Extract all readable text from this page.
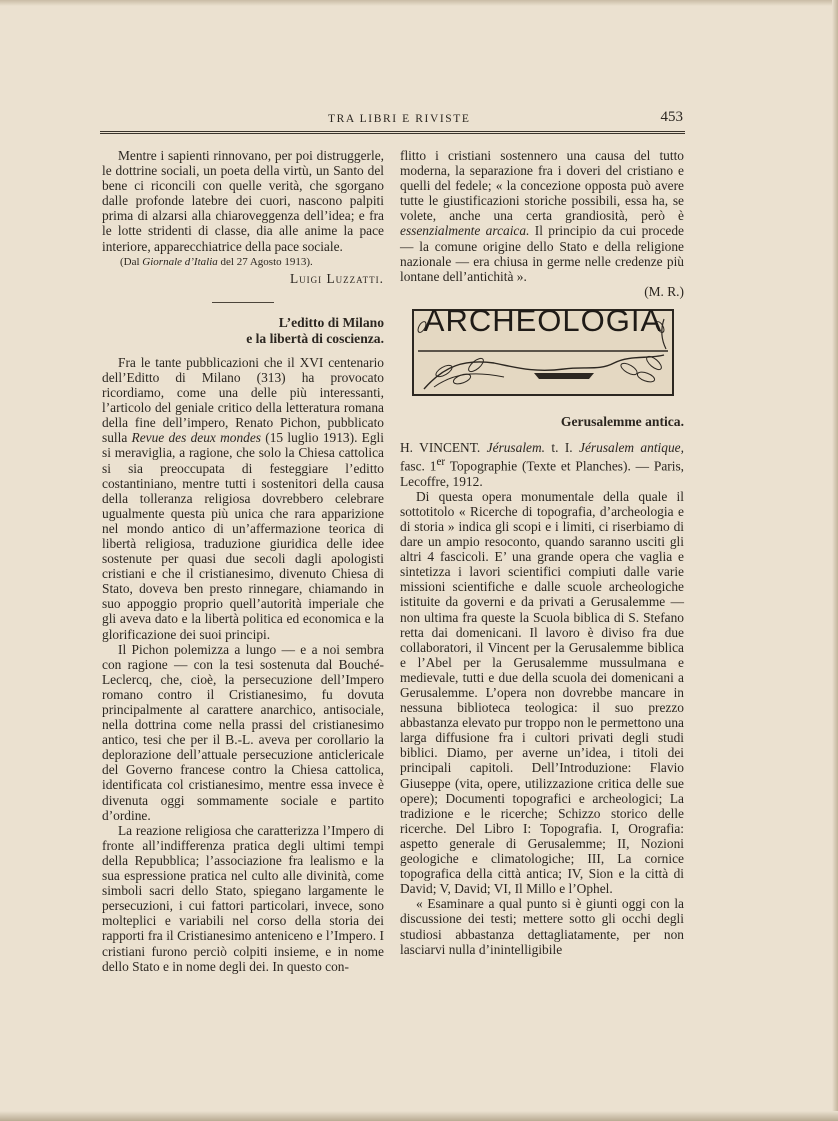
TRA LIBRI E RIVISTE	453

Mentre i sapienti rinnovano, per poi distruggerle, le dottrine sociali, un poeta della virtù, un Santo del bene ci riconcili con quelle verità, che sgorgano dalle profonde latebre dei cuori, nascono palpiti prima di alzarsi alla chiaroveggenza dell’idea; e fra le lotte stridenti di classe, dia alle anime la pace interiore, apparecchiatrice della pace sociale.

(Dal Giornale d’Italia del 27 Agosto 1913).

Luigi Luzzatti.
L’editto di Milano
e la libertà di coscienza.

Fra le tante pubblicazioni che il XVI centenario dell’Editto di Milano (313) ha provocato ricordiamo, come una delle più interessanti, l’articolo del geniale critico della letteratura romana della fine dell’impero, Renato Pichon, pubblicato sulla Revue des deux mondes (15 luglio 1913). Egli si meraviglia, a ragione, che solo la Chiesa cattolica si sia preoccupata di festeggiare l’editto costantiniano, mentre tutti i sostenitori della causa della tolleranza religiosa dovrebbero celebrare ugualmente questa più unica che rara apparizione nel mondo antico di un’affermazione teorica di libertà religiosa, traduzione giuridica delle idee sostenute per quasi due secoli dagli apologisti cristiani e che il cristianesimo, divenuto Chiesa di Stato, doveva ben presto rinnegare, chiamando in suo appoggio proprio quell’autorità imperiale che gli aveva dato e la libertà politica ed economica e la glorificazione dei suoi principi.

Il Pichon polemizza a lungo — e a noi sembra con ragione — con la tesi sostenuta dal Bouché-Leclercq, che, cioè, la persecuzione dell’Impero romano contro il Cristianesimo, fu dovuta principalmente al carattere anarchico, antisociale, nella dottrina come nella prassi del cristianesimo antico, tesi che per il B.-L. aveva per corollario la deplorazione dell’attuale persecuzione anticlericale del Governo francese contro la Chiesa cattolica, identificata col cristianesimo, mentre essa invece è divenuta oggi sommamente sociale e partito d’ordine.

La reazione religiosa che caratterizza l’Impero di fronte all’indifferenza pratica degli ultimi tempi della Repubblica; l’associazione fra lealismo e la sua espressione pratica nel culto alle divinità, come simboli sacri dello Stato, spiegano largamente le persecuzioni, i cui fattori particolari, invece, sono molteplici e variabili nel corso della storia dei rapporti fra il Cristianesimo anteniceno e l’Impero. I cristiani furono perciò colpiti insieme, e in nome dello Stato e in nome degli dei. In questo con-

flitto i cristiani sostennero una causa del tutto moderna, la separazione fra i doveri del cristiano e quelli del fedele; « la concezione opposta può avere tutte le giustificazioni storiche possibili, essa ha, se volete, anche una certa grandiosità, però è essenzialmente arcaica. Il principio da cui procede — la comune origine dello Stato e della religione nazionale — era chiusa in germe nelle credenze più lontane dell’antichità ».

(M. R.)
ARCHEOLOGIA
Gerusalemme antica.

H. VINCENT. Jérusalem. t. I. Jérusalem antique, fasc. 1er Topographie (Texte et Planches). — Paris, Lecoffre, 1912.

Di questa opera monumentale della quale il sottotitolo « Ricerche di topografia, d’archeologia e di storia » indica gli scopi e i limiti, ci riserbiamo di dare un ampio resoconto, quando saranno usciti gli altri 4 fascicoli. E’ una grande opera che vaglia e sintetizza i lavori scientifici compiuti dalle varie missioni scientifiche e dalle scuole archeologiche istituite da governi e da privati a Gerusalemme — non ultima fra queste la Scuola biblica di S. Stefano retta dai domenicani. Il lavoro è diviso fra due collaboratori, il Vincent per la Gerusalemme biblica e l’Abel per la Gerusalemme mussulmana e medievale, tutti e due della scuola dei domenicani a Gerusalemme. L’opera non dovrebbe mancare in nessuna biblioteca teologica: il suo prezzo abbastanza elevato pur troppo non le permettono una larga diffusione fra i cultori privati degli studi biblici. Diamo, per averne un’idea, i titoli dei principali capitoli. Dell’Introduzione: Flavio Giuseppe (vita, opere, utilizzazione critica delle sue opere); Documenti topografici e archeologici; La tradizione e le ricerche; Schizzo storico delle ricerche. Del Libro I: Topografia. I, Orografia: aspetto generale di Gerusalemme; II, Nozioni geologiche e climatologiche; III, La cornice topografica della città antica; IV, Sion e la città di David; V, David; VI, Il Millo e l’Ophel.

« Esaminare a qual punto si è giunti oggi con la discussione dei testi; mettere sotto gli occhi degli studiosi abbastanza dettagliatamente, per non lasciarvi nulla d’inintelligibile
